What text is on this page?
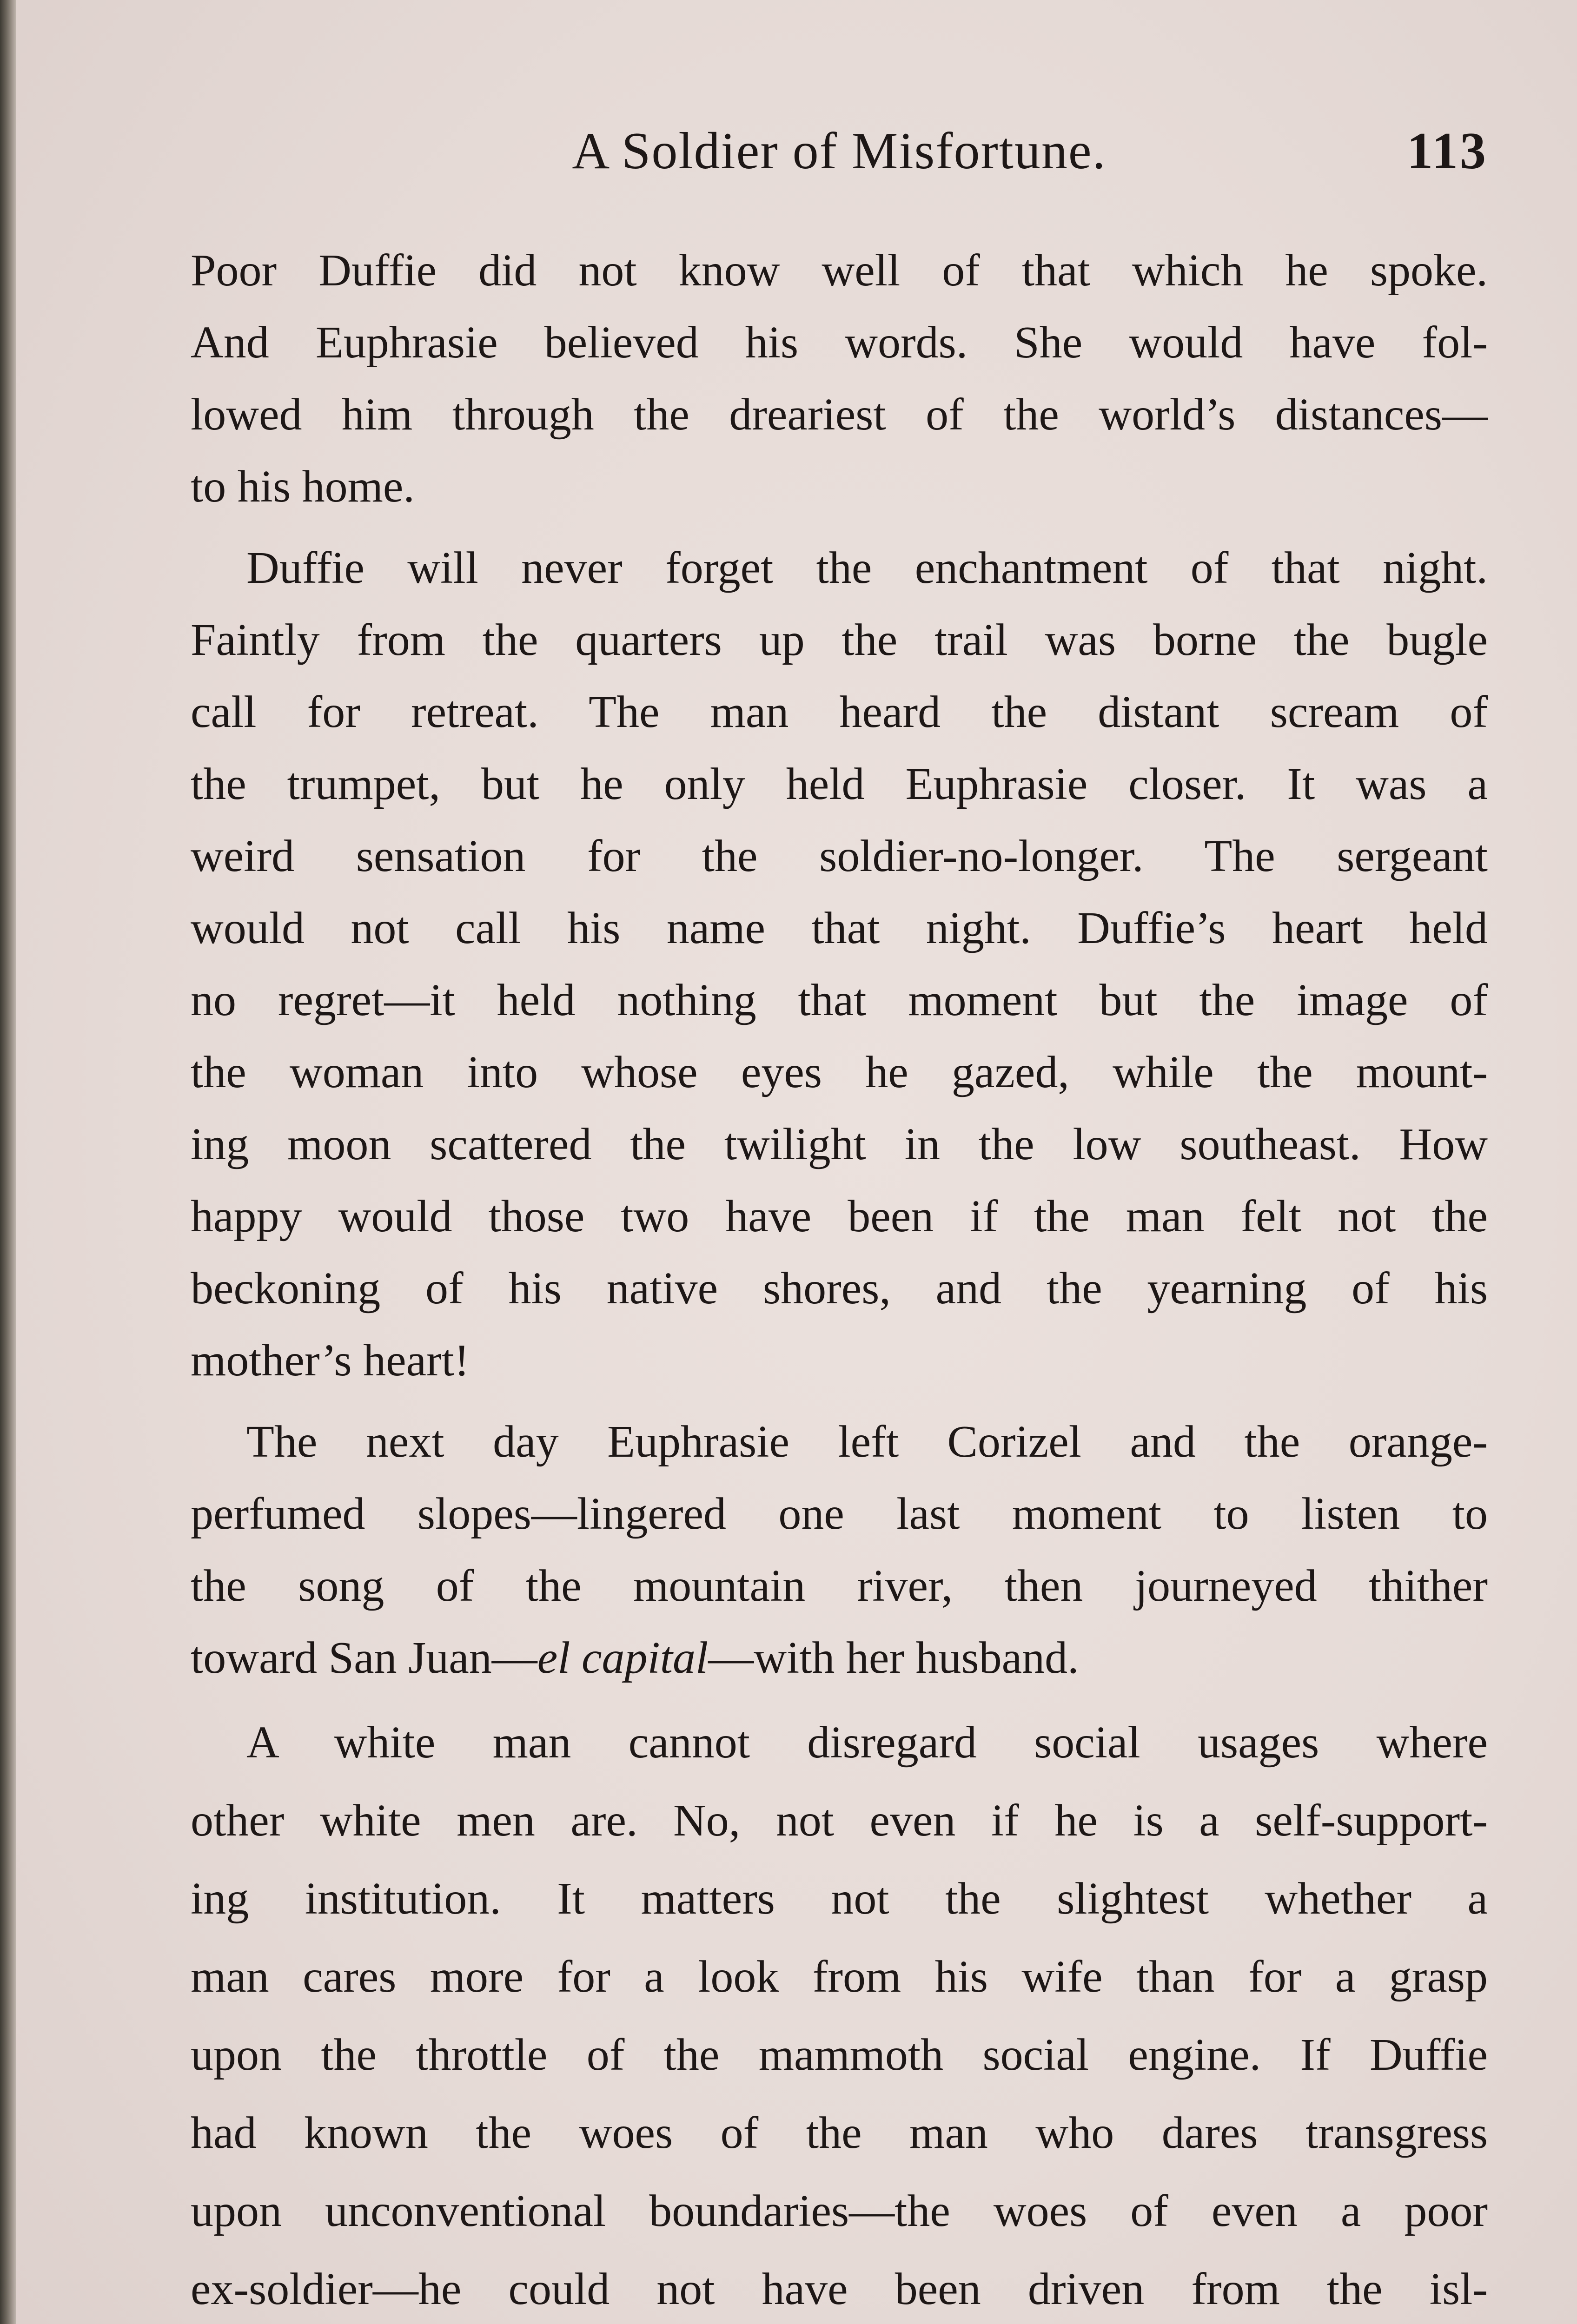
A Soldier of Misfortune.	113
Poor Duffie did not know well of that which he spoke.
And Euphrasie believed his words. She would have fol-
lowed him through the dreariest of the world’s distances—
to his home.
Duffie will never forget the enchantment of that night.
Faintly from the quarters up the trail was borne the bugle
call for retreat. The man heard the distant scream of
the trumpet, but he only held Euphrasie closer. It was a
weird sensation for the soldier-no-longer. The sergeant
would not call his name that night. Duffie’s heart held
no regret—it held nothing that moment but the image of
the woman into whose eyes he gazed, while the mount-
ing moon scattered the twilight in the low southeast. How
happy would those two have been if the man felt not the
beckoning of his native shores, and the yearning of his
mother’s heart!
The next day Euphrasie left Corizel and the orange-
perfumed slopes—lingered one last moment to listen to
the song of the mountain river, then journeyed thither
toward San Juan—el capital—with her husband.
A white man cannot disregard social usages where
other white men are. No, not even if he is a self-support-
ing institution. It matters not the slightest whether a
man cares more for a look from his wife than for a grasp
upon the throttle of the mammoth social engine. If Duffie
had known the woes of the man who dares transgress
upon unconventional boundaries—the woes of even a poor
ex-soldier—he could not have been driven from the isl-
